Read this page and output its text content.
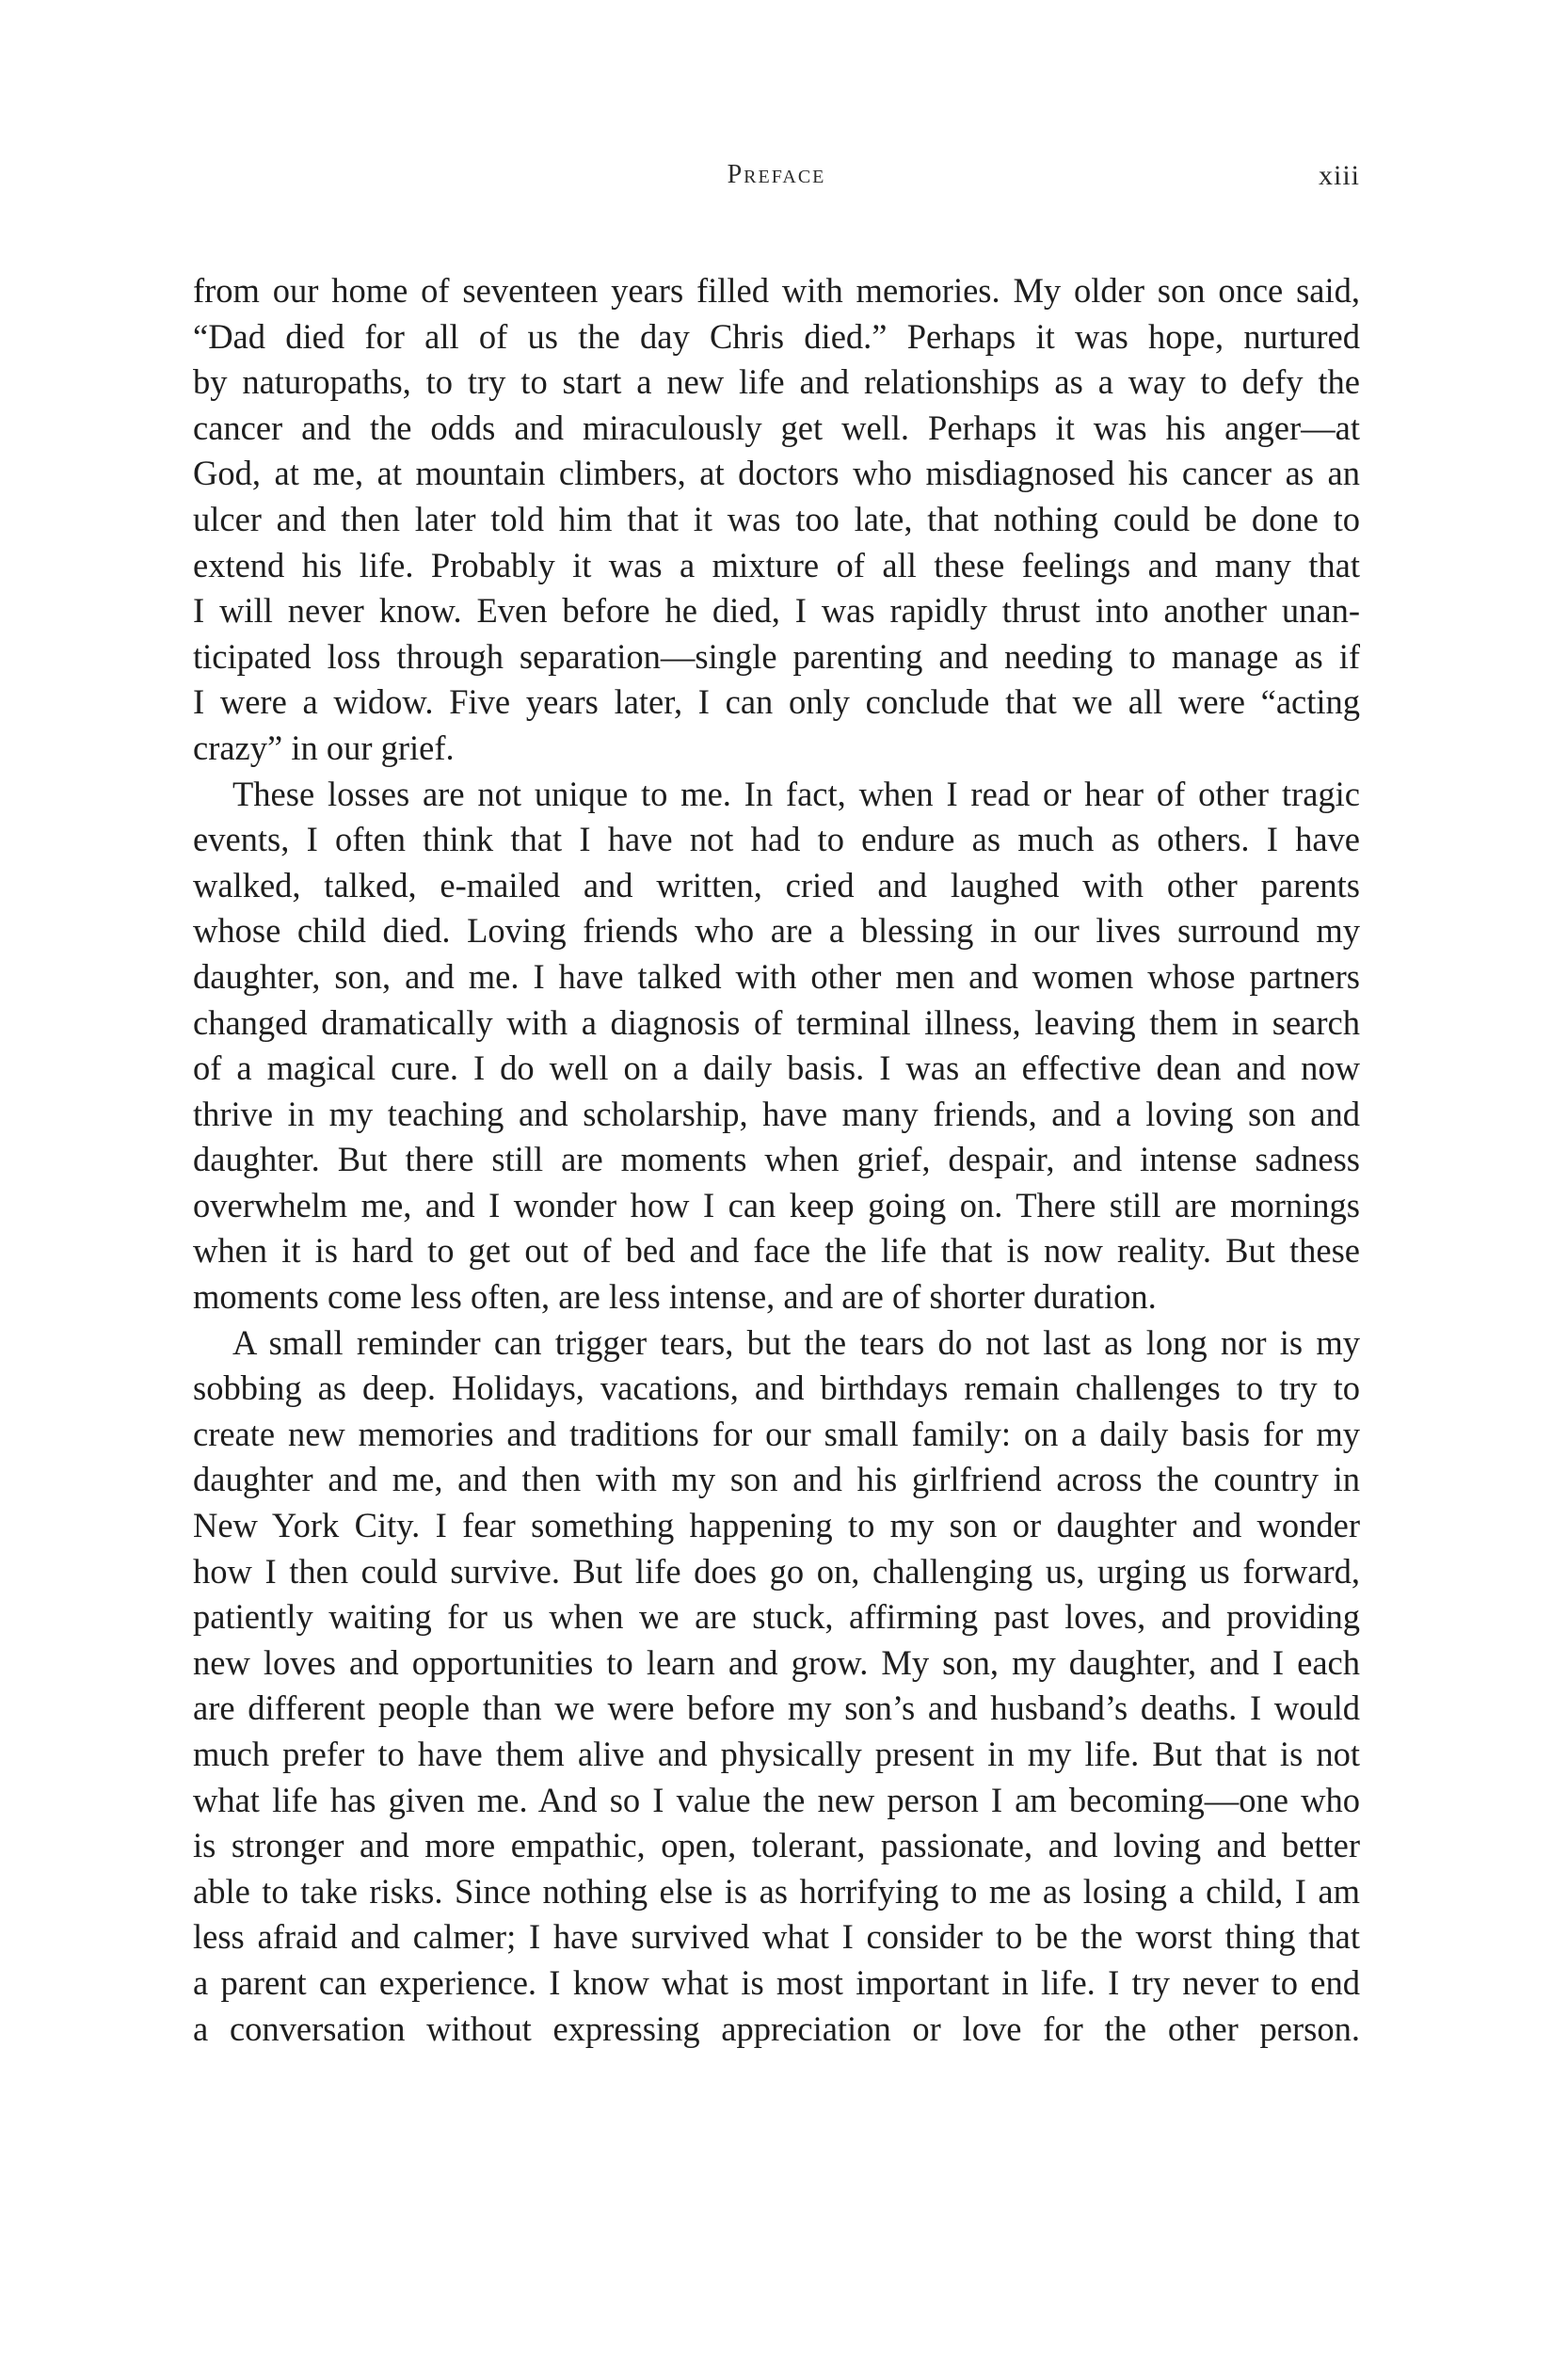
Preface	xiii
from our home of seventeen years filled with memories. My older son once said,
“Dad died for all of us the day Chris died.” Perhaps it was hope, nurtured
by naturopaths, to try to start a new life and relationships as a way to defy the
cancer and the odds and miraculously get well. Perhaps it was his anger—at
God, at me, at mountain climbers, at doctors who misdiagnosed his cancer as an
ulcer and then later told him that it was too late, that nothing could be done to
extend his life. Probably it was a mixture of all these feelings and many that
I will never know. Even before he died, I was rapidly thrust into another unan-
ticipated loss through separation—single parenting and needing to manage as if
I were a widow. Five years later, I can only conclude that we all were “acting
crazy” in our grief.
These losses are not unique to me. In fact, when I read or hear of other tragic
events, I often think that I have not had to endure as much as others. I have
walked, talked, e-mailed and written, cried and laughed with other parents
whose child died. Loving friends who are a blessing in our lives surround my
daughter, son, and me. I have talked with other men and women whose partners
changed dramatically with a diagnosis of terminal illness, leaving them in search
of a magical cure. I do well on a daily basis. I was an effective dean and now
thrive in my teaching and scholarship, have many friends, and a loving son and
daughter. But there still are moments when grief, despair, and intense sadness
overwhelm me, and I wonder how I can keep going on. There still are mornings
when it is hard to get out of bed and face the life that is now reality. But these
moments come less often, are less intense, and are of shorter duration.
A small reminder can trigger tears, but the tears do not last as long nor is my
sobbing as deep. Holidays, vacations, and birthdays remain challenges to try to
create new memories and traditions for our small family: on a daily basis for my
daughter and me, and then with my son and his girlfriend across the country in
New York City. I fear something happening to my son or daughter and wonder
how I then could survive. But life does go on, challenging us, urging us forward,
patiently waiting for us when we are stuck, affirming past loves, and providing
new loves and opportunities to learn and grow. My son, my daughter, and I each
are different people than we were before my son’s and husband’s deaths. I would
much prefer to have them alive and physically present in my life. But that is not
what life has given me. And so I value the new person I am becoming—one who
is stronger and more empathic, open, tolerant, passionate, and loving and better
able to take risks. Since nothing else is as horrifying to me as losing a child, I am
less afraid and calmer; I have survived what I consider to be the worst thing that
a parent can experience. I know what is most important in life. I try never to end
a conversation without expressing appreciation or love for the other person.
